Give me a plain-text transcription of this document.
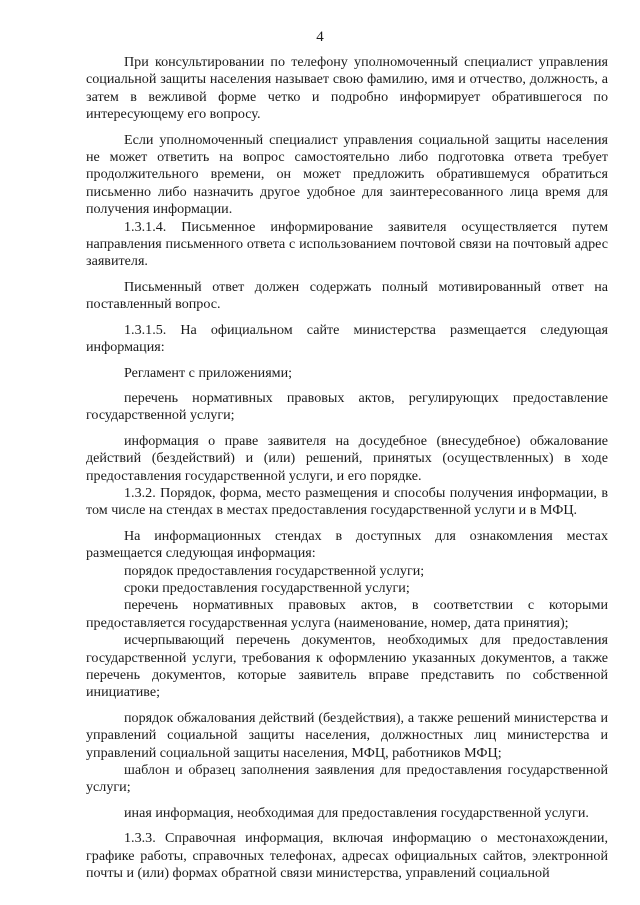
4

При консультировании по телефону уполномоченный специалист управления социальной защиты населения называет свою фамилию, имя и отчество, должность, а затем в вежливой форме четко и подробно информирует обратившегося по интересующему его вопросу.

Если уполномоченный специалист управления социальной защиты населения не может ответить на вопрос самостоятельно либо подготовка ответа требует продолжительного времени, он может предложить обратившемуся обратиться письменно либо назначить другое удобное для заинтересованного лица время для получения информации.

1.3.1.4. Письменное информирование заявителя осуществляется путем направления письменного ответа с использованием почтовой связи на почтовый адрес заявителя.

Письменный ответ должен содержать полный мотивированный ответ на поставленный вопрос.

1.3.1.5. На официальном сайте министерства размещается следующая информация:

Регламент с приложениями;

перечень нормативных правовых актов, регулирующих предоставление государственной услуги;

информация о праве заявителя на досудебное (внесудебное) обжалование действий (бездействий) и (или) решений, принятых (осуществленных) в ходе предоставления государственной услуги, и его порядке.

1.3.2. Порядок, форма, место размещения и способы получения информации, в том числе на стендах в местах предоставления государственной услуги и в МФЦ.

На информационных стендах в доступных для ознакомления местах размещается следующая информация:

порядок предоставления государственной услуги;

сроки предоставления государственной услуги;

перечень нормативных правовых актов, в соответствии с которыми предоставляется государственная услуга (наименование, номер, дата принятия);

исчерпывающий перечень документов, необходимых для предоставления государственной услуги, требования к оформлению указанных документов, а также перечень документов, которые заявитель вправе представить по собственной инициативе;

порядок обжалования действий (бездействия), а также решений министерства и управлений социальной защиты населения, должностных лиц министерства и управлений социальной защиты населения, МФЦ, работников МФЦ;

шаблон и образец заполнения заявления для предоставления государственной услуги;

иная информация, необходимая для предоставления государственной услуги.

1.3.3. Справочная информация, включая информацию о местонахождении, графике работы, справочных телефонах, адресах официальных сайтов, электронной почты и (или) формах обратной связи министерства, управлений социальной
